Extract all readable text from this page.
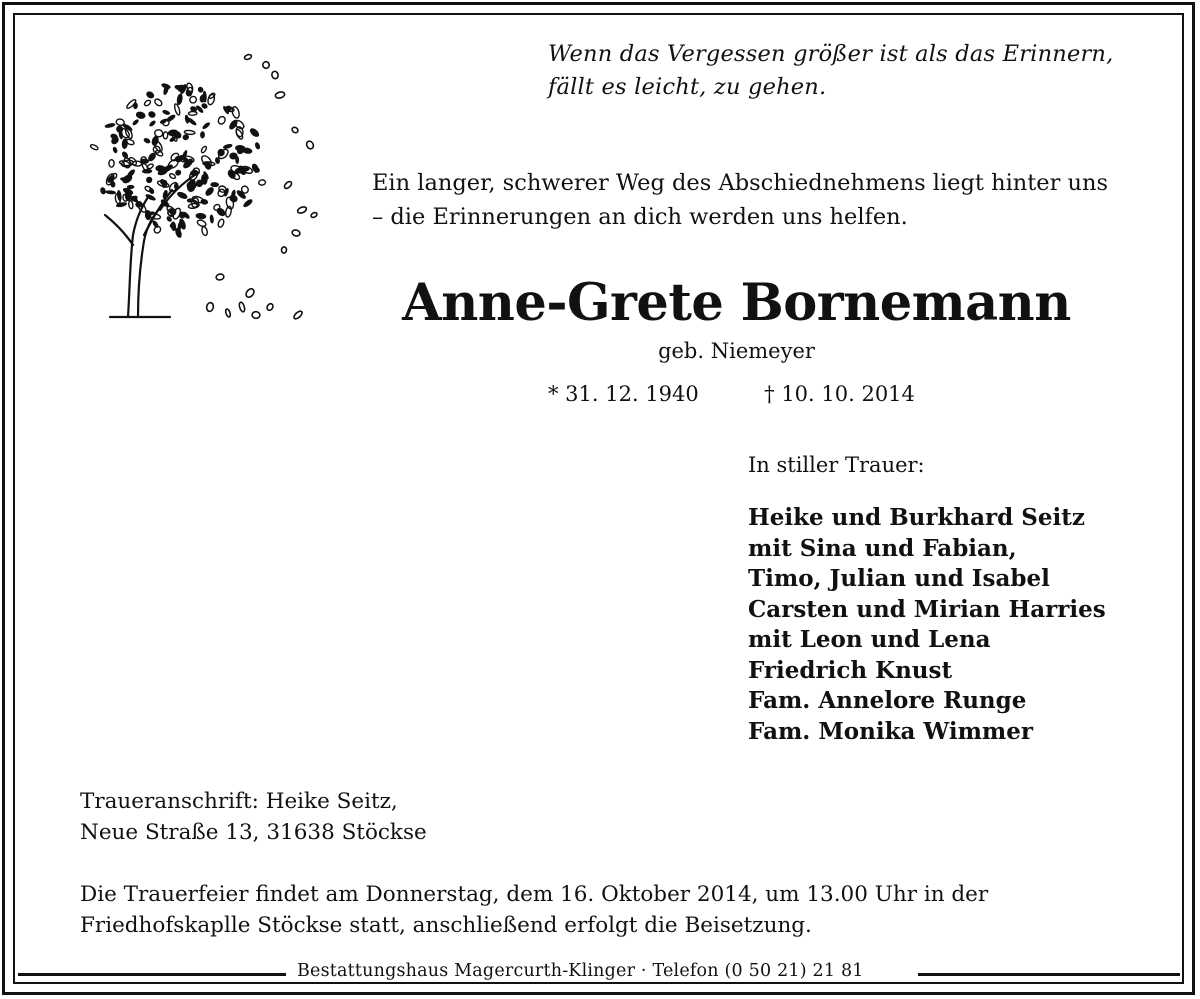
Wenn das Vergessen größer ist als das Erinnern,
fällt es leicht, zu gehen.
Ein langer, schwerer Weg des Abschiednehmens liegt hinter uns
– die Erinnerungen an dich werden uns helfen.
Anne-Grete Bornemann
geb. Niemeyer
* 31. 12. 1940	† 10. 10. 2014
In stiller Trauer:
Heike und Burkhard Seitz
mit Sina und Fabian,
Timo, Julian und Isabel
Carsten und Mirian Harries
mit Leon und Lena
Friedrich Knust
Fam. Annelore Runge
Fam. Monika Wimmer
Traueranschrift: Heike Seitz,
Neue Straße 13, 31638 Stöckse
Die Trauerfeier findet am Donnerstag, dem 16. Oktober 2014, um 13.00 Uhr in der
Friedhofskaplle Stöckse statt, anschließend erfolgt die Beisetzung.
Bestattungshaus Magercurth-Klinger · Telefon (0 50 21) 21 81
